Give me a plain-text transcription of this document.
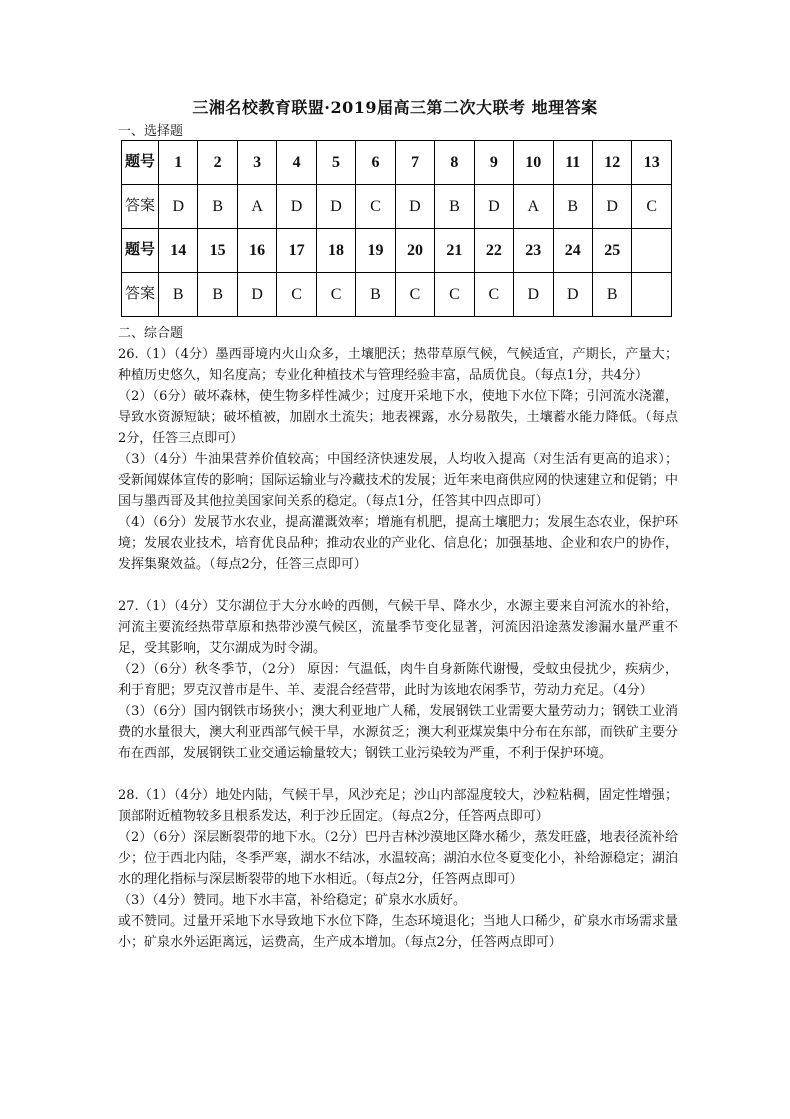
三湘名校教育联盟·2019届高三第二次大联考 地理答案
一、选择题
题号	1	2	3	4	5	6	7	8	9	10	11	12	13
答案	D	B	A	D	D	C	D	B	D	A	B	D	C
题号	14	15	16	17	18	19	20	21	22	23	24	25	
答案	B	B	D	C	C	B	C	C	C	D	D	B	
二、综合题

26.（1）（4分）墨西哥境内火山众多，土壤肥沃；热带草原气候，气候适宜，产期长，产量大；种植历史悠久，知名度高；专业化种植技术与管理经验丰富，品质优良。（每点1分，共4分）

（2）（6分）破坏森林，使生物多样性减少；过度开采地下水，使地下水位下降；引河流水浇灌，导致水资源短缺；破坏植被，加剧水土流失；地表裸露，水分易散失，土壤蓄水能力降低。（每点2分，任答三点即可）

（3）（4分）牛油果营养价值较高；中国经济快速发展，人均收入提高（对生活有更高的追求）；受新闻媒体宣传的影响；国际运输业与冷藏技术的发展；近年来电商供应网的快速建立和促销；中国与墨西哥及其他拉美国家间关系的稳定。（每点1分，任答其中四点即可）

（4）（6分）发展节水农业，提高灌溉效率；增施有机肥，提高土壤肥力；发展生态农业，保护环境；发展农业技术，培育优良品种；推动农业的产业化、信息化；加强基地、企业和农户的协作，发挥集聚效益。（每点2分，任答三点即可）

27.（1）（4分）艾尔湖位于大分水岭的西侧，气候干旱、降水少，水源主要来自河流水的补给，河流主要流经热带草原和热带沙漠气候区，流量季节变化显著，河流因沿途蒸发渗漏水量严重不足，受其影响，艾尔湖成为时令湖。

（2）（6分）秋冬季节，（2分） 原因：气温低，肉牛自身新陈代谢慢，受蚊虫侵扰少，疾病少，利于育肥；罗克汉普市是牛、羊、麦混合经营带，此时为该地农闲季节，劳动力充足。（4分）

（3）（6分）国内钢铁市场狭小；澳大利亚地广人稀，发展钢铁工业需要大量劳动力；钢铁工业消费的水量很大，澳大利亚西部气候干旱，水源贫乏；澳大利亚煤炭集中分布在东部，而铁矿主要分布在西部，发展钢铁工业交通运输量较大；钢铁工业污染较为严重，不利于保护环境。

28.（1）（4分）地处内陆，气候干旱，风沙充足；沙山内部湿度较大，沙粒粘稠，固定性增强；顶部附近植物较多且根系发达，利于沙丘固定。（每点2分，任答两点即可）

（2）（6分）深层断裂带的地下水。（2分）巴丹吉林沙漠地区降水稀少，蒸发旺盛，地表径流补给少；位于西北内陆，冬季严寒，湖水不结冰，水温较高；湖泊水位冬夏变化小，补给源稳定；湖泊水的理化指标与深层断裂带的地下水相近。（每点2分，任答两点即可）

（3）（4分）赞同。地下水丰富，补给稳定；矿泉水水质好。

或不赞同。过量开采地下水导致地下水位下降，生态环境退化；当地人口稀少，矿泉水市场需求量小；矿泉水外运距离远，运费高，生产成本增加。（每点2分，任答两点即可）
